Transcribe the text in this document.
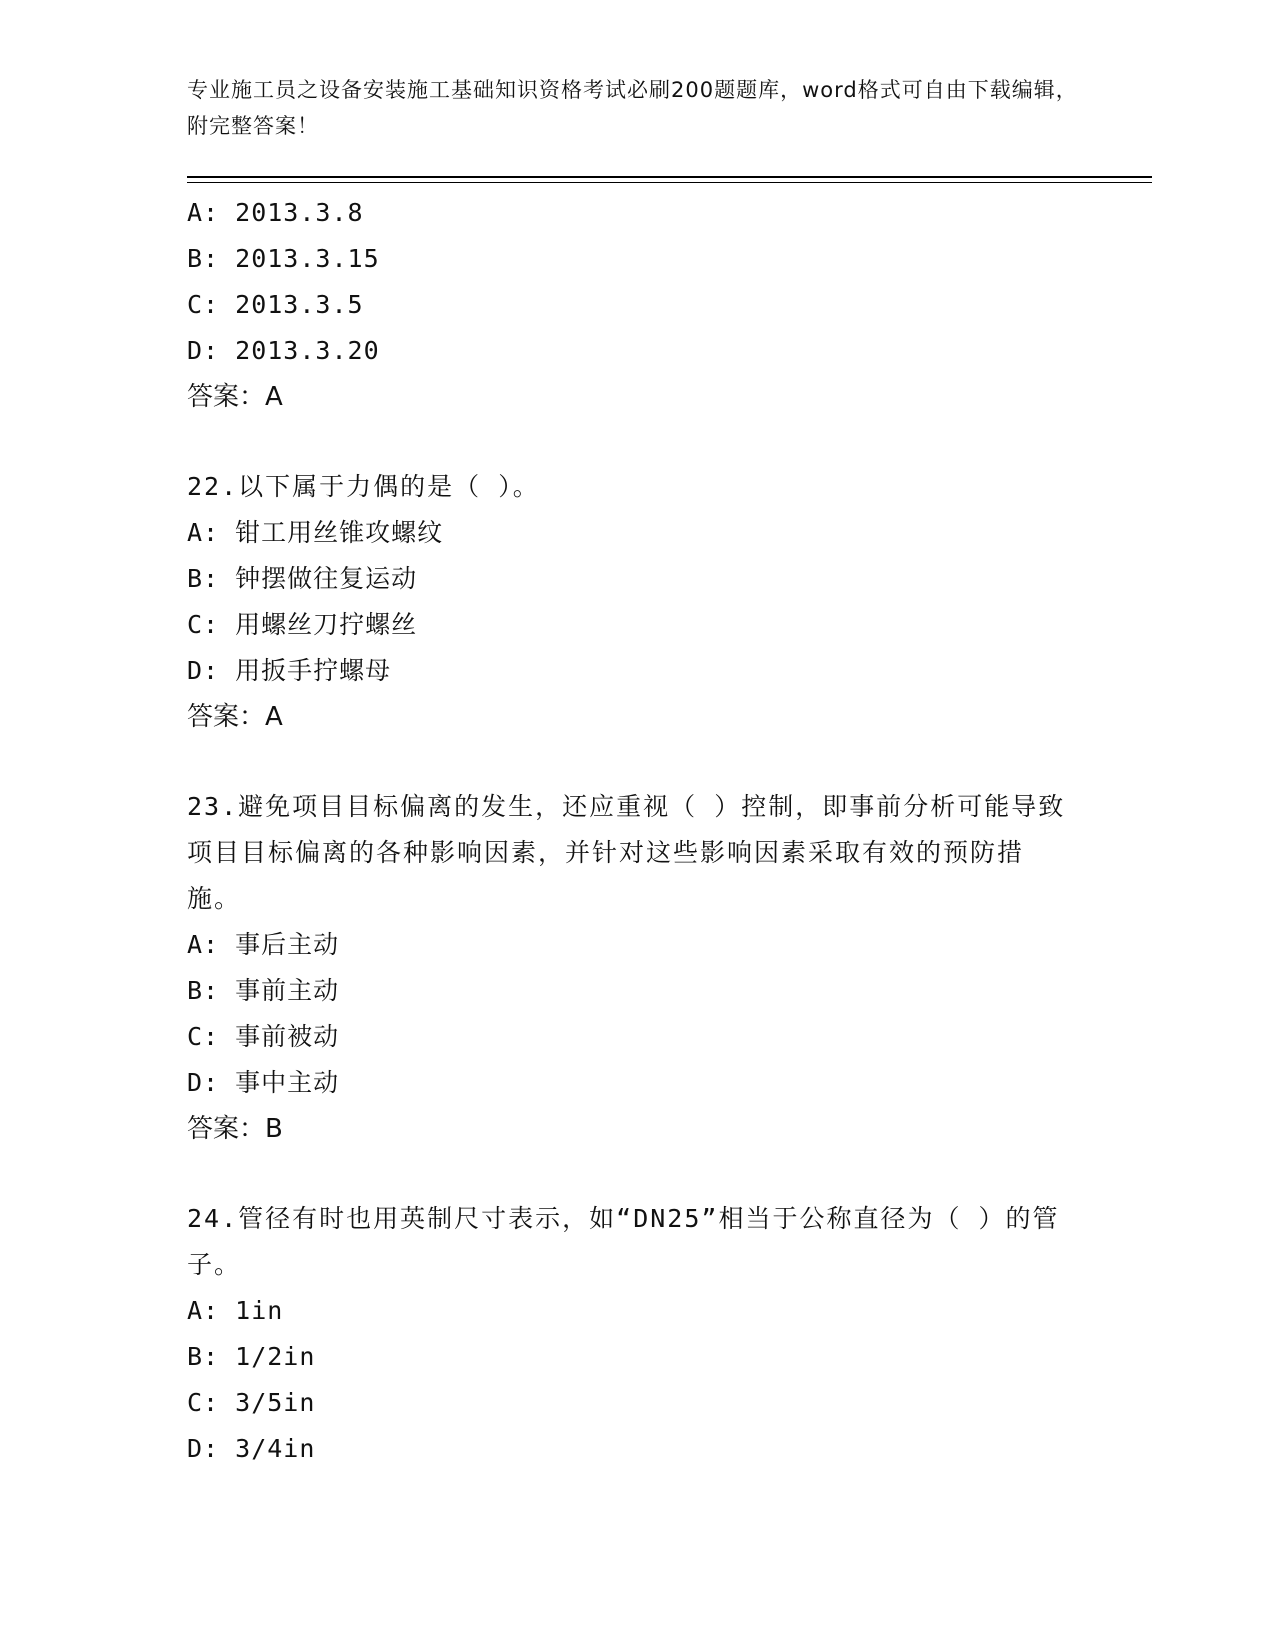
专业施工员之设备安装施工基础知识资格考试必刷200题题库，word格式可自由下载编辑，附完整答案！
A: 2013.3.8
B: 2013.3.15
C: 2013.3.5
D: 2013.3.20
答案：A
22.以下属于力偶的是（ ）。
A: 钳工用丝锥攻螺纹
B: 钟摆做往复运动
C: 用螺丝刀拧螺丝
D: 用扳手拧螺母
答案：A
23.避免项目目标偏离的发生，还应重视（ ）控制，即事前分析可能导致项目目标偏离的各种影响因素，并针对这些影响因素采取有效的预防措施。
A: 事后主动
B: 事前主动
C: 事前被动
D: 事中主动
答案：B
24.管径有时也用英制尺寸表示，如“DN25”相当于公称直径为（ ）的管子。
A: 1in
B: 1/2in
C: 3/5in
D: 3/4in
